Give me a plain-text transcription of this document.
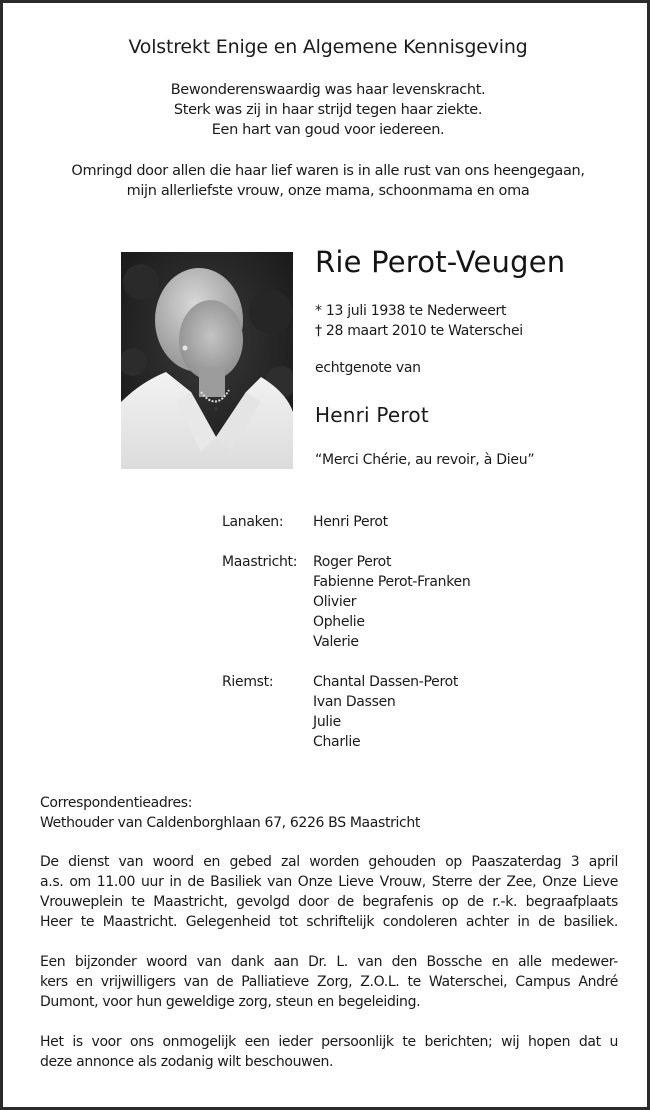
Volstrekt Enige en Algemene Kennisgeving
Bewonderenswaardig was haar levenskracht.
Sterk was zij in haar strijd tegen haar ziekte.
Een hart van goud voor iedereen.
Omringd door allen die haar lief waren is in alle rust van ons heengegaan,
mijn allerliefste vrouw, onze mama, schoonmama en oma
Rie Perot-Veugen
* 13 juli 1938 te Nederweert
† 28 maart 2010 te Waterschei
echtgenote van
Henri Perot
“Merci Chérie, au revoir, à Dieu”
Lanaken: Henri Perot
Maastricht: Roger Perot
Fabienne Perot-Franken
Olivier
Ophelie
Valerie
Riemst:	Chantal Dassen-Perot
Ivan Dassen
Julie
Charlie
Correspondentieadres:
Wethouder van Caldenborghlaan 67, 6226 BS Maastricht
De dienst van woord en gebed zal worden gehouden op Paaszaterdag 3 april
a.s. om 11.00 uur in de Basiliek van Onze Lieve Vrouw, Sterre der Zee, Onze Lieve
Vrouweplein te Maastricht, gevolgd door de begrafenis op de r.-k. begraafplaats
Heer te Maastricht. Gelegenheid tot schriftelijk condoleren achter in de basiliek.
Een bijzonder woord van dank aan Dr. L. van den Bossche en alle medewer-
kers en vrijwilligers van de Palliatieve Zorg, Z.O.L. te Waterschei, Campus André
Dumont, voor hun geweldige zorg, steun en begeleiding.
Het is voor ons onmogelijk een ieder persoonlijk te berichten; wij hopen dat u
deze annonce als zodanig wilt beschouwen.
